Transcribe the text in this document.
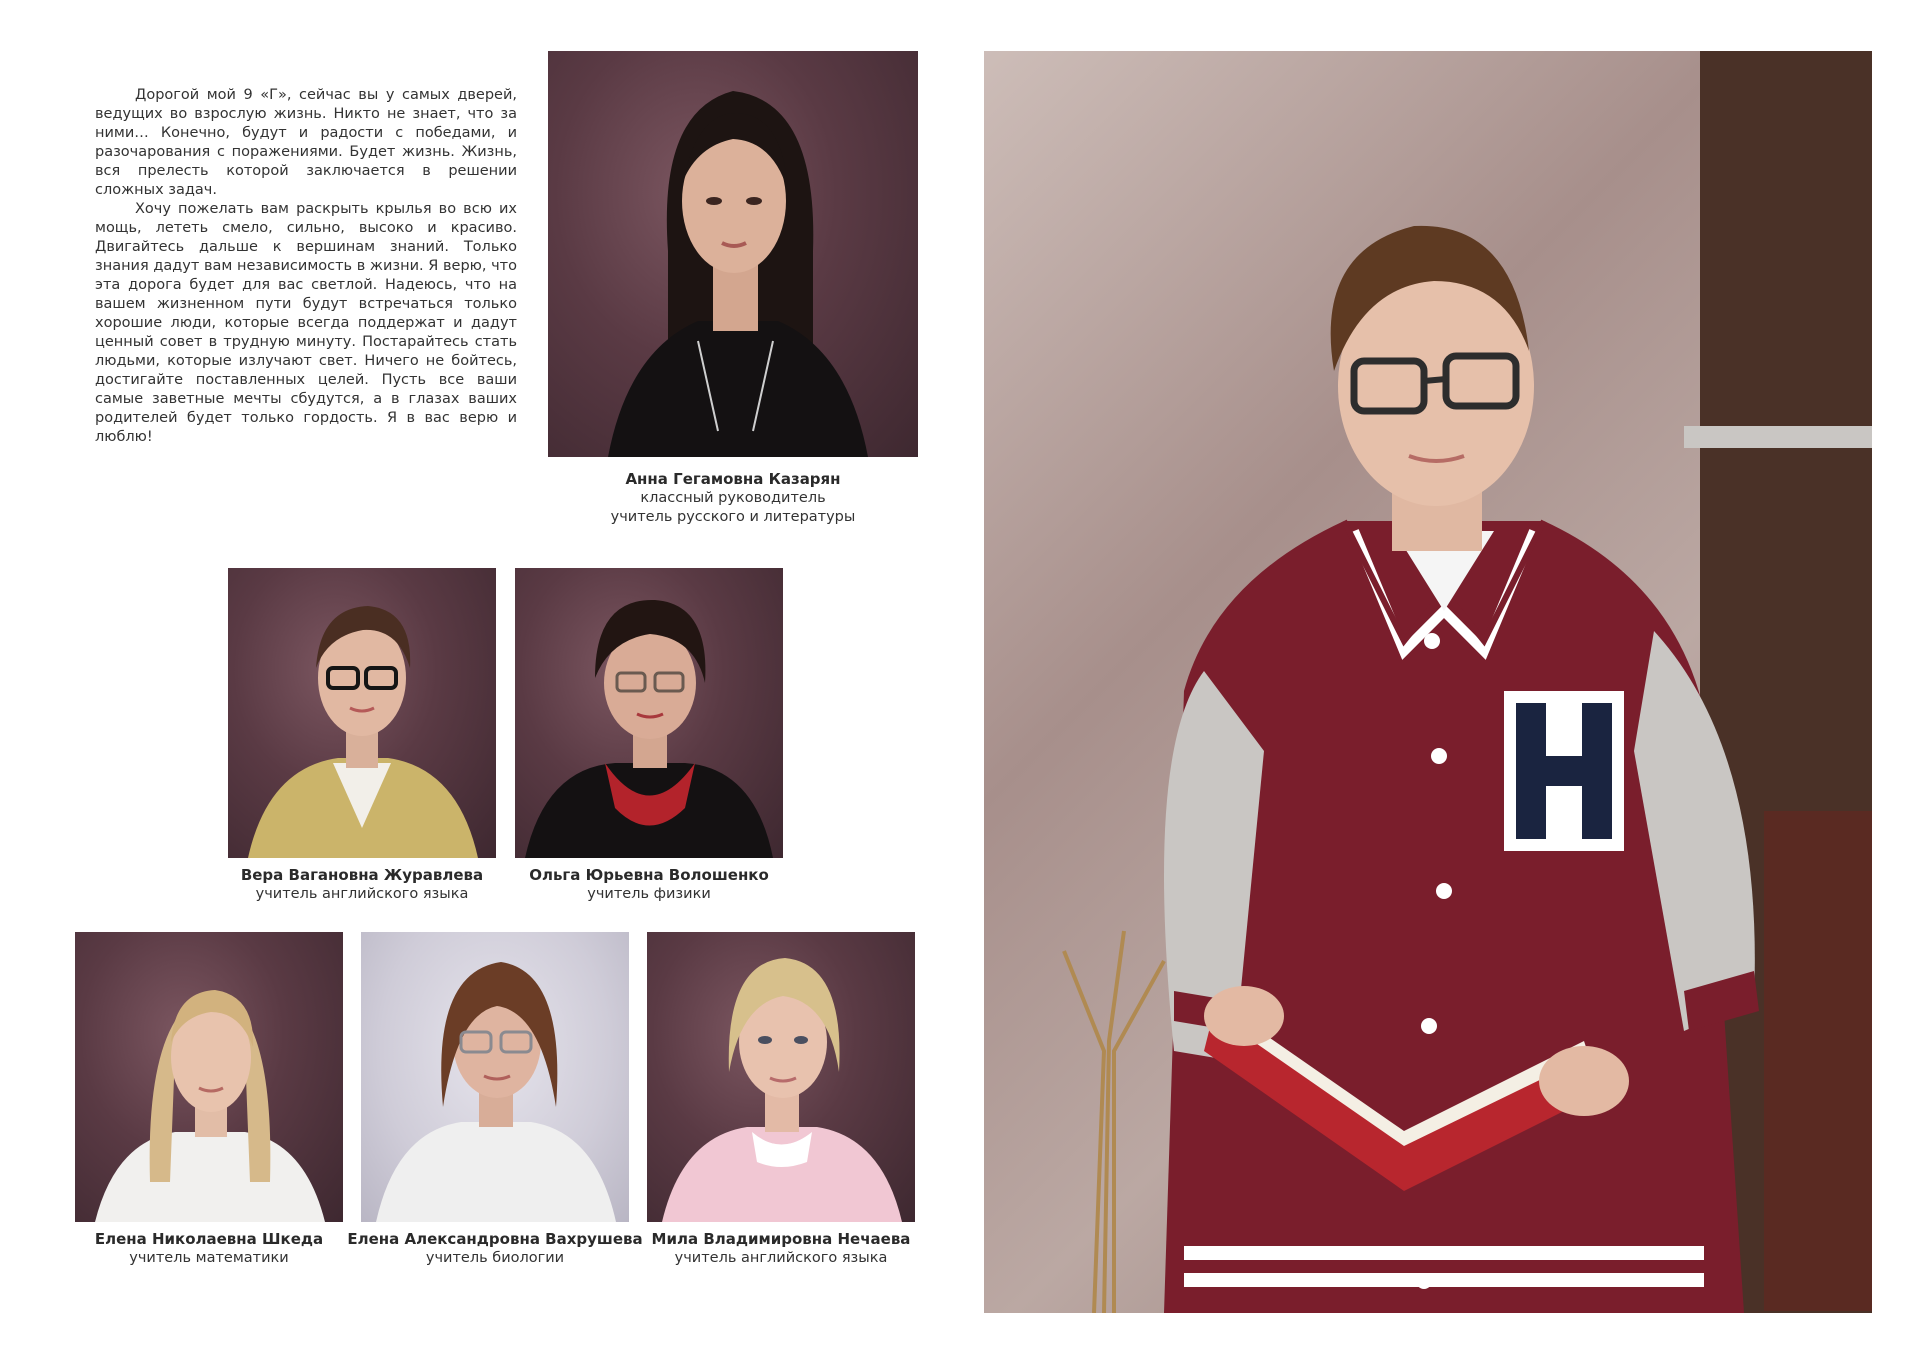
Дорогой мой 9 «Г», сейчас вы у самых дверей, ведущих во взрослую жизнь. Никто не знает, что за ними… Конечно, будут и радости с победами, и разочарования с поражениями. Будет жизнь. Жизнь, вся прелесть которой заключается в решении сложных задач.

Хочу пожелать вам раскрыть крылья во всю их мощь, лететь смело, сильно, высоко и красиво. Двигайтесь дальше к вершинам знаний. Только знания дадут вам независимость в жизни. Я верю, что эта дорога будет для вас светлой. Надеюсь, что на вашем жизненном пути будут встречаться только хорошие люди, которые всегда поддержат и дадут ценный совет в трудную минуту. Постарайтесь стать людьми, которые излучают свет. Ничего не бойтесь, достигайте поставленных целей. Пусть все ваши самые заветные мечты сбудутся, а в глазах ваших родителей будет только гордость. Я в вас верю и люблю!

Анна Гегамовна Казарян
классный руководитель
учитель русского и литературы
Вера Вагановна Журавлева
учитель английского языка
Ольга Юрьевна Волошенко
учитель физики
Елена Николаевна Шкеда
учитель математики
Елена Александровна Вахрушева
учитель биологии
Мила Владимировна Нечаева
учитель английского языка
